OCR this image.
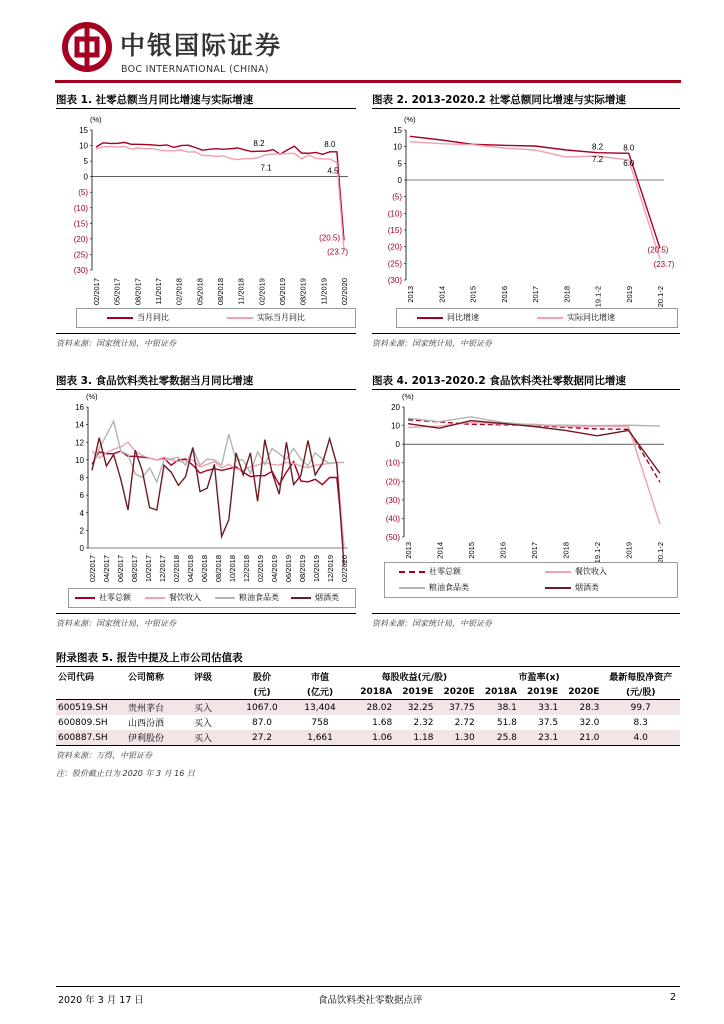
中银国际证券
BOC INTERNATIONAL (CHINA)
图表 1. 社零总额当月同比增速与实际增速	图表 2. 2013-2020.2 社零总额同比增速与实际增速
图表 3. 食品饮料类社零数据当月同比增速	图表 4. 2013-2020.2 食品饮料类社零数据同比增速
(%)
15
10
5
0
(5)
(10)
(15)
(20)
(25)
(30)
02/2017 05/2017 08/2017 11/2017 02/2018 05/2018 08/2018 11/2018 02/2019 05/2019 08/2019 11/2019 02/2020
8.2
7.1
8.0
4.5
(20.5)
(23.7)
(%)
15
10
5
0
(5)
(10)
(15)
(20)
(25)
(30)
2013	2014	2015	2016	2017	2018	19.1-2	2019	20.1-2
8.2
7.2
8.0
6.0
(20.5)
(23.7)
(%)
16
14
12
10
8
6
4
2
0
02/2017 04/2017 06/2017 08/2017 10/2017 12/2017 02/2018 04/2018 06/2018 08/2018 10/2018 12/2018 02/2019 04/2019 06/2019 08/2019 10/2019 12/2019 02/2020
(%)
20
10
0
(10)
(20)
(30)
(40)
(50)
2013	2014	2015	2016	2017	2018	19.1-2	2019	20.1-2
当月同比	实际当月同比	同比增速	实际同比增速
社零总额	餐饮收入	粮油食品类	烟酒类
社零总额	餐饮收入
粮油食品类	烟酒类
资料来源：国家统计局，中银证券	资料来源：国家统计局，中银证券
资料来源：国家统计局，中银证券	资料来源：国家统计局，中银证券
附录图表 5. 报告中提及上市公司估值表
公司代码	公司简称	评级	股价	市值	每股收益(元/股)			市盈率(x)			最新每股净资产
			(元)	(亿元)	2018A	2019E	2020E	2018A	2019E	2020E	(元/股)
600519.SH	贵州茅台	买入	1067.0	13,404	28.02	32.25	37.75	38.1	33.1	28.3	99.7
600809.SH	山西汾酒	买入	87.0	758	1.68	2.32	2.72	51.8	37.5	32.0	8.3
600887.SH	伊利股份	买入	27.2	1,661	1.06	1.18	1.30	25.8	23.1	21.0	4.0
资料来源：万得，中银证券
注：股价截止日为 2020 年 3 月 16 日
2020 年 3 月 17 日	食品饮料类社零数据点评	2
